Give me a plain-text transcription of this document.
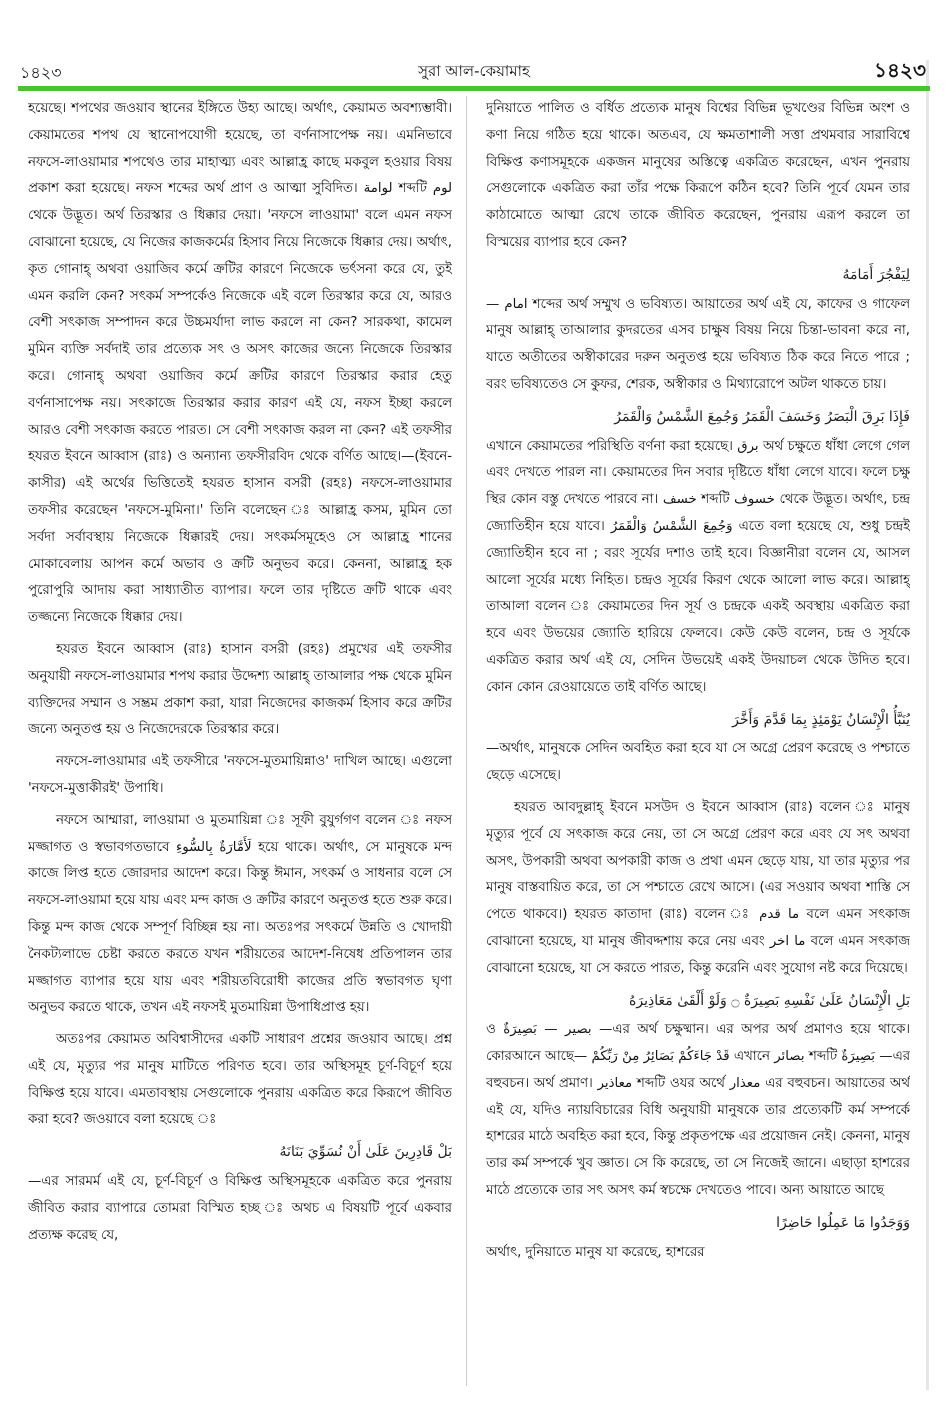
১৪২৩	সুরা আল-কেয়ামাহ	১৪২৩

হয়েছে। শপথের জওয়াব স্থানের ইঙ্গিতে উহ্য আছে। অর্থাৎ, কেয়ামত অবশ্যম্ভাবী। কেয়ামতের শপথ যে স্থানোপযোগী হয়েছে, তা বর্ণনাসাপেক্ষ নয়। এমনিভাবে নফসে-লাওয়ামার শপথেও তার মাহাত্ম্য এবং আল্লাহ্র কাছে মকবুল হওয়ার বিষয় প্রকাশ করা হয়েছে। নফস শব্দের অর্থ প্রাণ ও আত্মা সুবিদিত। لوامة শব্দটি لوم থেকে উদ্ভূত। অর্থ তিরস্কার ও ধিক্কার দেয়া। 'নফসে লাওয়ামা' বলে এমন নফস বোঝানো হয়েছে, যে নিজের কাজকর্মের হিসাব নিয়ে নিজেকে ধিক্কার দেয়। অর্থাৎ, কৃত গোনাহ্ অথবা ওয়াজিব কর্মে ক্রটির কারণে নিজেকে ভর্ৎসনা করে যে, তুই এমন করলি কেন? সৎকর্ম সম্পর্কেও নিজেকে এই বলে তিরস্কার করে যে, আরও বেশী সৎকাজ সম্পাদন করে উচ্চমর্যাদা লাভ করলে না কেন? সারকথা, কামেল মুমিন ব্যক্তি সর্বদাই তার প্রত্যেক সৎ ও অসৎ কাজের জন্যে নিজেকে তিরস্কার করে। গোনাহ্ অথবা ওয়াজিব কর্মে ক্রটির কারণে তিরস্কার করার হেতু বর্ণনাসাপেক্ষ নয়। সৎকাজে তিরস্কার করার কারণ এই যে, নফস ইচ্ছা করলে আরও বেশী সৎকাজ করতে পারত। সে বেশী সৎকাজ করল না কেন? এই তফসীর হযরত ইবনে আব্বাস (রাঃ) ও অন্যান্য তফসীরবিদ থেকে বর্ণিত আছে।—(ইবনে-কাসীর) এই অর্থের ভিত্তিতেই হযরত হাসান বসরী (রহঃ) নফসে-লাওয়ামার তফসীর করেছেন 'নফসে-মুমিনা।' তিনি বলেছেন ঃ আল্লাহ্র কসম, মুমিন তো সর্বদা সর্বাবস্থায় নিজেকে ধিক্কারই দেয়। সৎকর্মসমূহেও সে আল্লাহ্র শানের মোকাবেলায় আপন কর্মে অভাব ও ক্রটি অনুভব করে। কেননা, আল্লাহ্র হক পুরোপুরি আদায় করা সাধ্যাতীত ব্যাপার। ফলে তার দৃষ্টিতে ক্রটি থাকে এবং তজ্জন্যে নিজেকে ধিক্কার দেয়।

হযরত ইবনে আব্বাস (রাঃ) হাসান বসরী (রহঃ) প্রমুখের এই তফসীর অনুযায়ী নফসে-লাওয়ামার শপথ করার উদ্দেশ্য আল্লাহ্ তাআলার পক্ষ থেকে মুমিন ব্যক্তিদের সম্মান ও সম্ভ্রম প্রকাশ করা, যারা নিজেদের কাজকর্ম হিসাব করে ক্রটির জন্যে অনুতপ্ত হয় ও নিজেদেরকে তিরস্কার করে।

নফসে-লাওয়ামার এই তফসীরে 'নফসে-মুতমায়িন্নাও' দাখিল আছে। এগুলো 'নফসে-মুত্তাকীরই' উপাধি।

নফসে আম্মারা, লাওয়ামা ও মুতমায়িন্না ঃ সূফী বুযুর্গগণ বলেন ঃ নফস মজ্জাগত ও স্বভাবগতভাবে لَأَمَّارَةٌ بِالسُّوءِ হয়ে থাকে। অর্থাৎ, সে মানুষকে মন্দ কাজে লিপ্ত হতে জোরদার আদেশ করে। কিন্তু ঈমান, সৎকর্ম ও সাধনার বলে সে নফসে-লাওয়ামা হয়ে যায় এবং মন্দ কাজ ও ক্রটির কারণে অনুতপ্ত হতে শুরু করে। কিন্তু মন্দ কাজ থেকে সম্পূর্ণ বিচ্ছিন্ন হয় না। অতঃপর সৎকর্মে উন্নতি ও খোদায়ী নৈকট্যলাভে চেষ্টা করতে করতে যখন শরীয়তের আদেশ-নিষেধ প্রতিপালন তার মজ্জাগত ব্যাপার হয়ে যায় এবং শরীয়তবিরোধী কাজের প্রতি স্বভাবগত ঘৃণা অনুভব করতে থাকে, তখন এই নফসই মুতমায়িন্না উপাধিপ্রাপ্ত হয়।

অতঃপর কেয়ামত অবিশ্বাসীদের একটি সাধারণ প্রশ্নের জওয়াব আছে। প্রশ্ন এই যে, মৃত্যুর পর মানুষ মাটিতে পরিণত হবে। তার অস্থিসমূহ চূর্ণ-বিচূর্ণ হয়ে বিক্ষিপ্ত হয়ে যাবে। এমতাবস্থায় সেগুলোকে পুনরায় একত্রিত করে কিরূপে জীবিত করা হবে? জওয়াবে বলা হয়েছে ঃ

بَلْ قَادِرِينَ عَلَىٰ أَنْ نُسَوِّيَ بَنَانَهُ

—এর সারমর্ম এই যে, চূর্ণ-বিচূর্ণ ও বিক্ষিপ্ত অস্থিসমূহকে একত্রিত করে পুনরায় জীবিত করার ব্যাপারে তোমরা বিস্মিত হচ্ছ ঃ অথচ এ বিষয়টি পূর্বে একবার প্রত্যক্ষ করেছ যে,

দুনিয়াতে পালিত ও বর্ধিত প্রত্যেক মানুষ বিশ্বের বিভিন্ন ভূখণ্ডের বিভিন্ন অংশ ও কণা নিয়ে গঠিত হয়ে থাকে। অতএব, যে ক্ষমতাশালী সত্তা প্রথমবার সারাবিশ্বে বিক্ষিপ্ত কণাসমূহকে একজন মানুষের অস্তিত্বে একত্রিত করেছেন, এখন পুনরায় সেগুলোকে একত্রিত করা তাঁর পক্ষে কিরূপে কঠিন হবে? তিনি পূর্বে যেমন তার কাঠামোতে আত্মা রেখে তাকে জীবিত করেছেন, পুনরায় এরূপ করলে তা বিস্ময়ের ব্যাপার হবে কেন?

لِيَفْجُرَ أَمَامَهُ

— امام শব্দের অর্থ সম্মুখ ও ভবিষ্যত। আয়াতের অর্থ এই যে, কাফের ও গাফেল মানুষ আল্লাহ্ তাআলার কুদরতের এসব চাক্ষুষ বিষয় নিয়ে চিন্তা-ভাবনা করে না, যাতে অতীতের অস্বীকারের দরুন অনুতপ্ত হয়ে ভবিষ্যত ঠিক করে নিতে পারে ; বরং ভবিষ্যতেও সে কুফর, শেরক, অস্বীকার ও মিথ্যারোপে অটল থাকতে চায়।

فَإِذَا بَرِقَ الْبَصَرُ وَخَسَفَ الْقَمَرُ وَجُمِعَ الشَّمْسُ وَالْقَمَرُ

এখানে কেয়ামতের পরিস্থিতি বর্ণনা করা হয়েছে। برق অর্থ চক্ষুতে ধাঁধা লেগে গেল এবং দেখতে পারল না। কেয়ামতের দিন সবার দৃষ্টিতে ধাঁধা লেগে যাবে। ফলে চক্ষু স্থির কোন বস্তু দেখতে পারবে না। خسف শব্দটি خسوف থেকে উদ্ভূত। অর্থাৎ, চন্দ্র জ্যোতিহীন হয়ে যাবে। وَجُمِعَ الشَّمْسُ وَالْقَمَرُ এতে বলা হয়েছে যে, শুধু চন্দ্রই জ্যোতিহীন হবে না ; বরং সূর্যের দশাও তাই হবে। বিজ্ঞানীরা বলেন যে, আসল আলো সূর্যের মধ্যে নিহিত। চন্দ্রও সূর্যের কিরণ থেকে আলো লাভ করে। আল্লাহ্ তাআলা বলেন ঃ কেয়ামতের দিন সূর্য ও চন্দ্রকে একই অবস্থায় একত্রিত করা হবে এবং উভয়ের জ্যোতি হারিয়ে ফেলবে। কেউ কেউ বলেন, চন্দ্র ও সূর্যকে একত্রিত করার অর্থ এই যে, সেদিন উভয়েই একই উদয়াচল থেকে উদিত হবে। কোন কোন রেওয়ায়েতে তাই বর্ণিত আছে।

يُنَبَّأُ الْإِنْسَانُ يَوْمَئِذٍ بِمَا قَدَّمَ وَأَخَّرَ

—অর্থাৎ, মানুষকে সেদিন অবহিত করা হবে যা সে অগ্রে প্রেরণ করেছে ও পশ্চাতে ছেড়ে এসেছে।

হযরত আবদুল্লাহ্ ইবনে মসউদ ও ইবনে আব্বাস (রাঃ) বলেন ঃ মানুষ মৃত্যুর পূর্বে যে সৎকাজ করে নেয়, তা সে অগ্রে প্রেরণ করে এবং যে সৎ অথবা অসৎ, উপকারী অথবা অপকারী কাজ ও প্রথা এমন ছেড়ে যায়, যা তার মৃত্যুর পর মানুষ বাস্তবায়িত করে, তা সে পশ্চাতে রেখে আসে। (এর সওয়াব অথবা শাস্তি সে পেতে থাকবে।) হযরত কাতাদা (রাঃ) বলেন ঃ ما قدم বলে এমন সৎকাজ বোঝানো হয়েছে, যা মানুষ জীবদ্দশায় করে নেয় এবং ما اخر বলে এমন সৎকাজ বোঝানো হয়েছে, যা সে করতে পারত, কিন্তু করেনি এবং সুযোগ নষ্ট করে দিয়েছে।

بَلِ الْإِنْسَانُ عَلَىٰ نَفْسِهِ بَصِيرَةٌ ۝ وَلَوْ أَلْقَىٰ مَعَاذِيرَهُ

ও بصير — بَصِيرَةٌ —এর অর্থ চক্ষুষ্মান। এর অপর অর্থ প্রমাণও হয়ে থাকে। কোরআনে আছে— قَدْ جَاءَكُمْ بَصَائِرُ مِنْ رَبِّكُمْ এখানে بصائر শব্দটি بَصِيرَةٌ —এর বহুবচন। অর্থ প্রমাণ। معاذير শব্দটি ওযর অর্থে معذار এর বহুবচন। আয়াতের অর্থ এই যে, যদিও ন্যায়বিচারের বিধি অনুযায়ী মানুষকে তার প্রত্যেকটি কর্ম সম্পর্কে হাশরের মাঠে অবহিত করা হবে, কিন্তু প্রকৃতপক্ষে এর প্রয়োজন নেই। কেননা, মানুষ তার কর্ম সম্পর্কে খুব জ্ঞাত। সে কি করেছে, তা সে নিজেই জানে। এছাড়া হাশরের মাঠে প্রত্যেকে তার সৎ অসৎ কর্ম স্বচক্ষে দেখতেও পাবে। অন্য আয়াতে আছে

وَوَجَدُوا مَا عَمِلُوا حَاضِرًا

অর্থাৎ, দুনিয়াতে মানুষ যা করেছে, হাশরের
